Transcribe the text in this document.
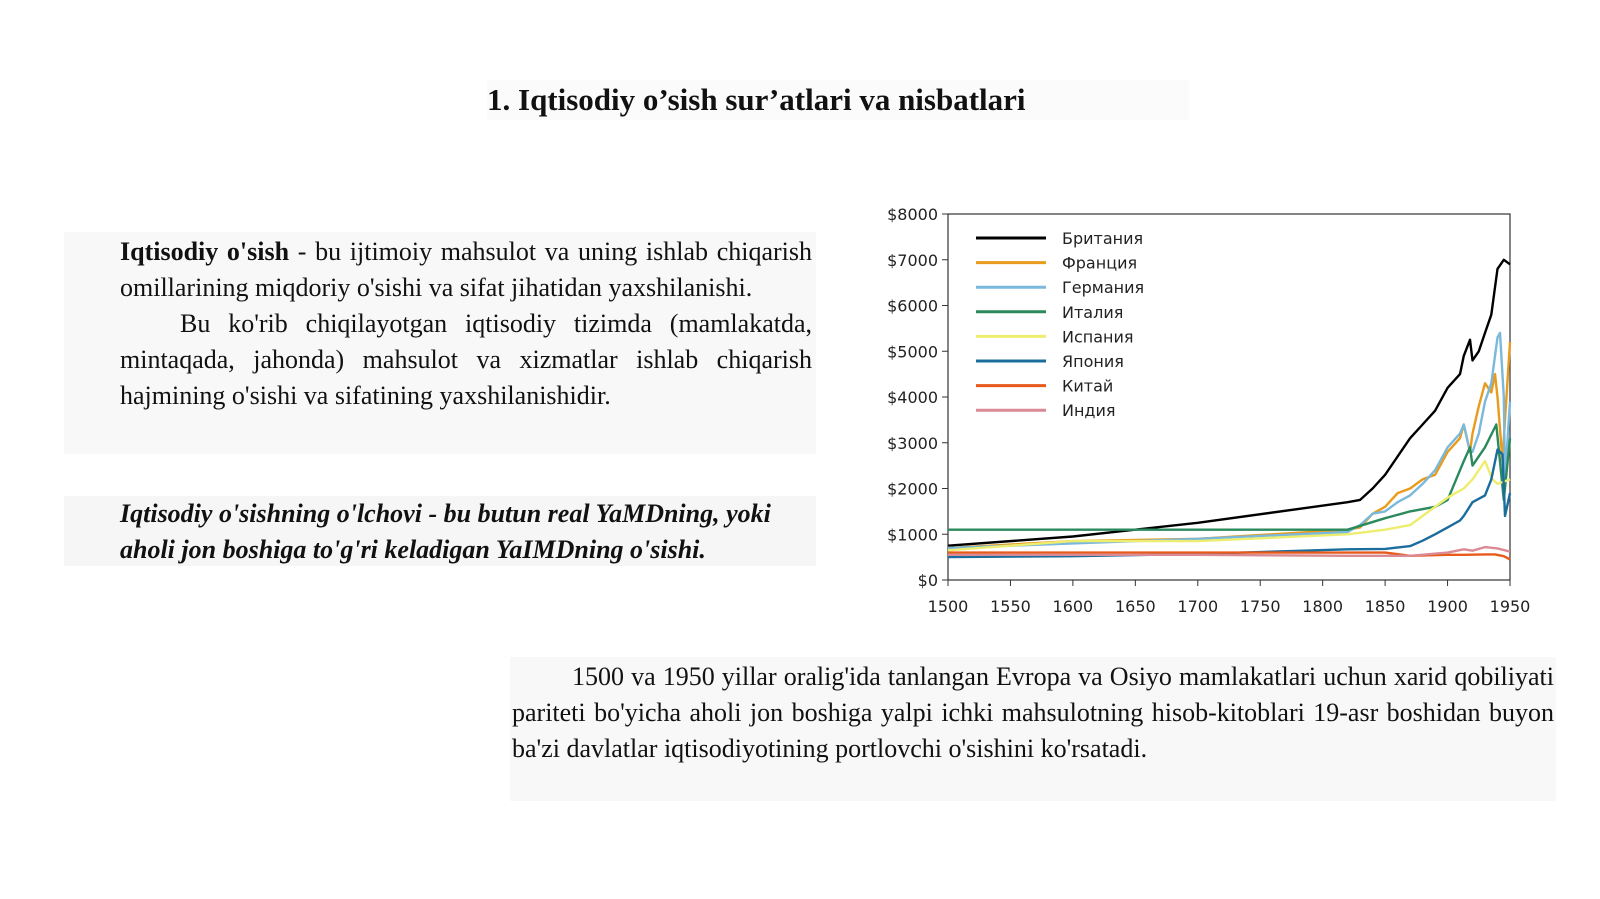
1. Iqtisodiy o’sish sur’atlari va nisbatlari

Iqtisodiy o'sish - bu ijtimoiy mahsulot va uning ishlab chiqarish omillarining miqdoriy o'sishi va sifat jihatidan yaxshilanishi.

Bu ko'rib chiqilayotgan iqtisodiy tizimda (mamlakatda, mintaqada, jahonda) mahsulot va xizmatlar ishlab chiqarish hajmining o'sishi va sifatining yaxshilanishidir.

Iqtisodiy o'sishning o'lchovi - bu butun real YaMDning, yoki aholi jon boshiga to'g'ri keladigan YaIMDning o'sishi.
1500 1550 1600 1650 1700 1750 1800 1850 1900 1950
$0
$1000
$2000
$3000
$4000
$5000
$6000
$7000
$8000
Британия
Франция
Германия
Италия
Испания
Япония
Китай
Индия
1500 va 1950 yillar oralig'ida tanlangan Evropa va Osiyo mamlakatlari uchun xarid qobiliyati pariteti bo'yicha aholi jon boshiga yalpi ichki mahsulotning hisob-kitoblari 19-asr boshidan buyon ba'zi davlatlar iqtisodiyotining portlovchi o'sishini ko'rsatadi.
